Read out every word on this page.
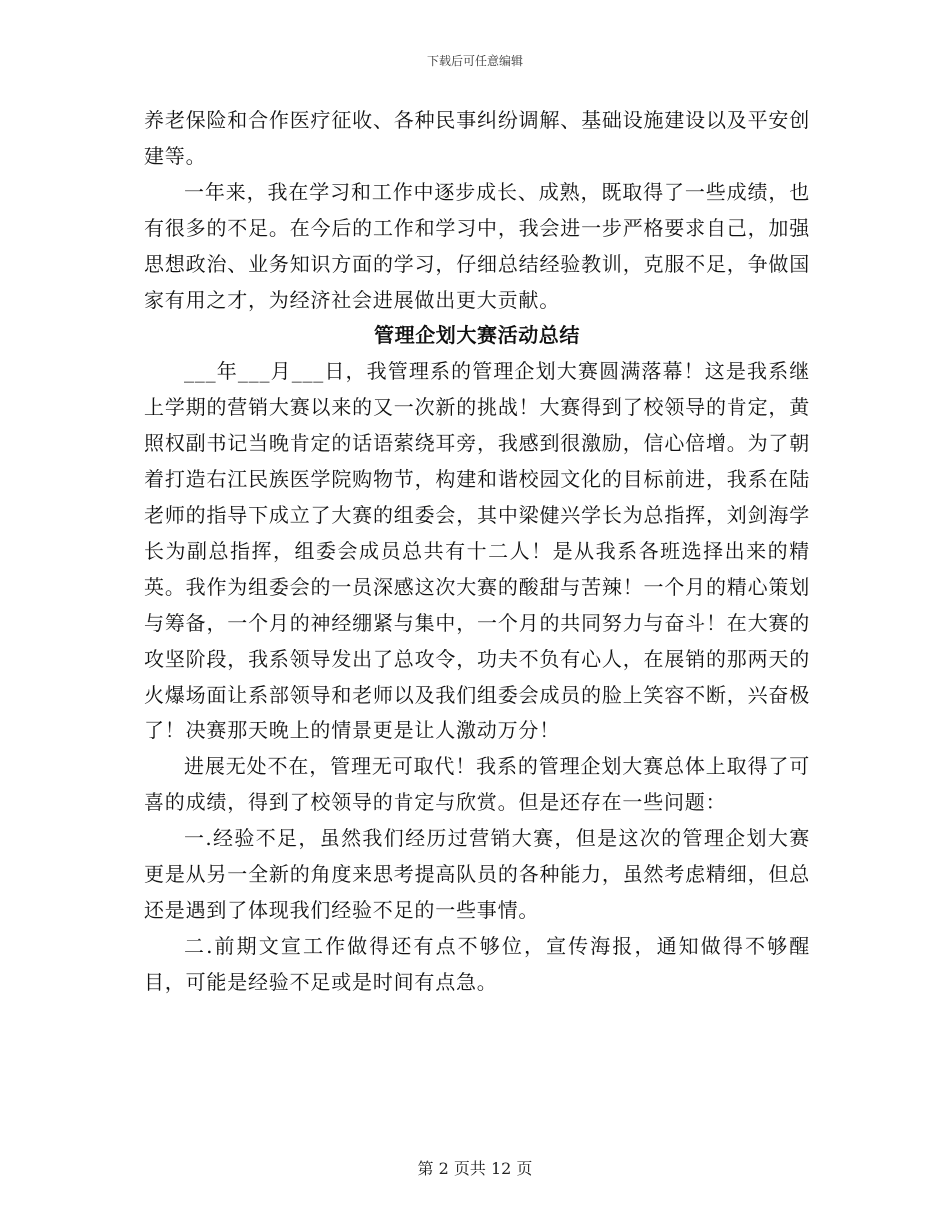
下载后可任意编辑

养老保险和合作医疗征收、各种民事纠纷调解、基础设施建设以及平安创建等。

一年来，我在学习和工作中逐步成长、成熟，既取得了一些成绩，也有很多的不足。在今后的工作和学习中，我会进一步严格要求自己，加强思想政治、业务知识方面的学习，仔细总结经验教训，克服不足，争做国家有用之才，为经济社会进展做出更大贡献。

管理企划大赛活动总结

___年___月___日，我管理系的管理企划大赛圆满落幕！这是我系继上学期的营销大赛以来的又一次新的挑战！大赛得到了校领导的肯定，黄照权副书记当晚肯定的话语萦绕耳旁，我感到很激励，信心倍增。为了朝着打造右江民族医学院购物节，构建和谐校园文化的目标前进，我系在陆老师的指导下成立了大赛的组委会，其中梁健兴学长为总指挥，刘剑海学长为副总指挥，组委会成员总共有十二人！是从我系各班选择出来的精英。我作为组委会的一员深感这次大赛的酸甜与苦辣！一个月的精心策划与筹备，一个月的神经绷紧与集中，一个月的共同努力与奋斗！在大赛的攻坚阶段，我系领导发出了总攻令，功夫不负有心人，在展销的那两天的火爆场面让系部领导和老师以及我们组委会成员的脸上笑容不断，兴奋极了！决赛那天晚上的情景更是让人激动万分！

进展无处不在，管理无可取代！我系的管理企划大赛总体上取得了可喜的成绩，得到了校领导的肯定与欣赏。但是还存在一些问题：

一.经验不足，虽然我们经历过营销大赛，但是这次的管理企划大赛更是从另一全新的角度来思考提高队员的各种能力，虽然考虑精细，但总还是遇到了体现我们经验不足的一些事情。

二.前期文宣工作做得还有点不够位，宣传海报，通知做得不够醒目，可能是经验不足或是时间有点急。

第 2 页共 12 页
